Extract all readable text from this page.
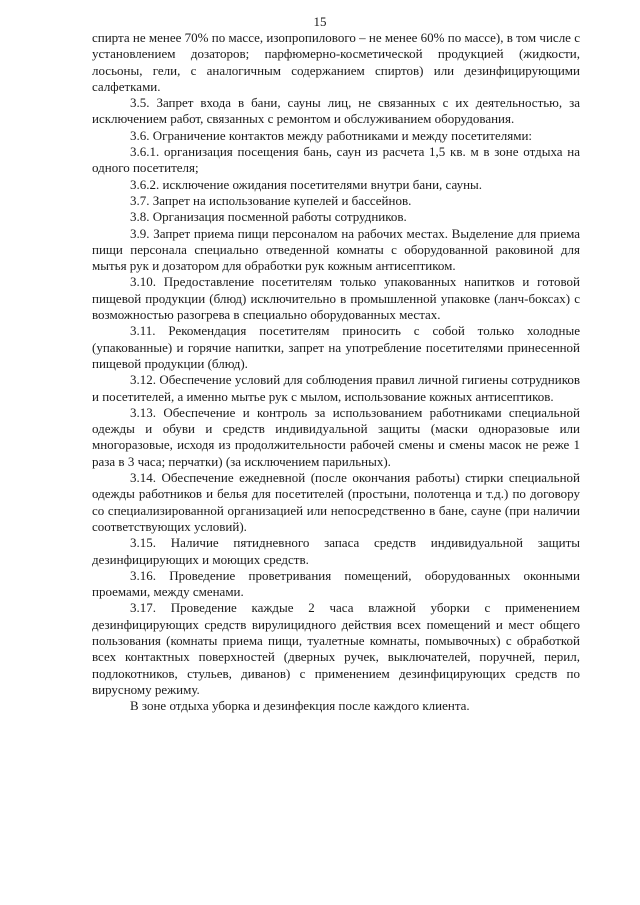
15

спирта не менее 70% по массе, изопропилового – не менее 60% по массе), в том числе с установлением дозаторов; парфюмерно-косметической продукцией (жидкости, лосьоны, гели, с аналогичным содержанием спиртов) или дезинфицирующими салфетками.

3.5. Запрет входа в бани, сауны лиц, не связанных с их деятельностью, за исключением работ, связанных с ремонтом и обслуживанием оборудования.

3.6. Ограничение контактов между работниками и между посетителями:

3.6.1. организация посещения бань, саун из расчета 1,5 кв. м в зоне отдыха на одного посетителя;

3.6.2. исключение ожидания посетителями внутри бани, сауны.

3.7. Запрет на использование купелей и бассейнов.

3.8. Организация посменной работы сотрудников.

3.9. Запрет приема пищи персоналом на рабочих местах. Выделение для приема пищи персонала специально отведенной комнаты с оборудованной раковиной для мытья рук и дозатором для обработки рук кожным антисептиком.

3.10. Предоставление посетителям только упакованных напитков и готовой пищевой продукции (блюд) исключительно в промышленной упаковке (ланч-боксах) с возможностью разогрева в специально оборудованных местах.

3.11. Рекомендация посетителям приносить с собой только холодные (упакованные) и горячие напитки, запрет на употребление посетителями принесенной пищевой продукции (блюд).

3.12. Обеспечение условий для соблюдения правил личной гигиены сотрудников и посетителей, а именно мытье рук с мылом, использование кожных антисептиков.

3.13. Обеспечение и контроль за использованием работниками специальной одежды и обуви и средств индивидуальной защиты (маски одноразовые или многоразовые, исходя из продолжительности рабочей смены и смены масок не реже 1 раза в 3 часа; перчатки) (за исключением парильных).

3.14. Обеспечение ежедневной (после окончания работы) стирки специальной одежды работников и белья для посетителей (простыни, полотенца и т.д.) по договору со специализированной организацией или непосредственно в бане, сауне (при наличии соответствующих условий).

3.15. Наличие пятидневного запаса средств индивидуальной защиты дезинфицирующих и моющих средств.

3.16. Проведение проветривания помещений, оборудованных оконными проемами, между сменами.

3.17. Проведение каждые 2 часа влажной уборки с применением дезинфицирующих средств вирулицидного действия всех помещений и мест общего пользования (комнаты приема пищи, туалетные комнаты, помывочных) с обработкой всех контактных поверхностей (дверных ручек, выключателей, поручней, перил, подлокотников, стульев, диванов) с применением дезинфицирующих средств по вирусному режиму.

В зоне отдыха уборка и дезинфекция после каждого клиента.
